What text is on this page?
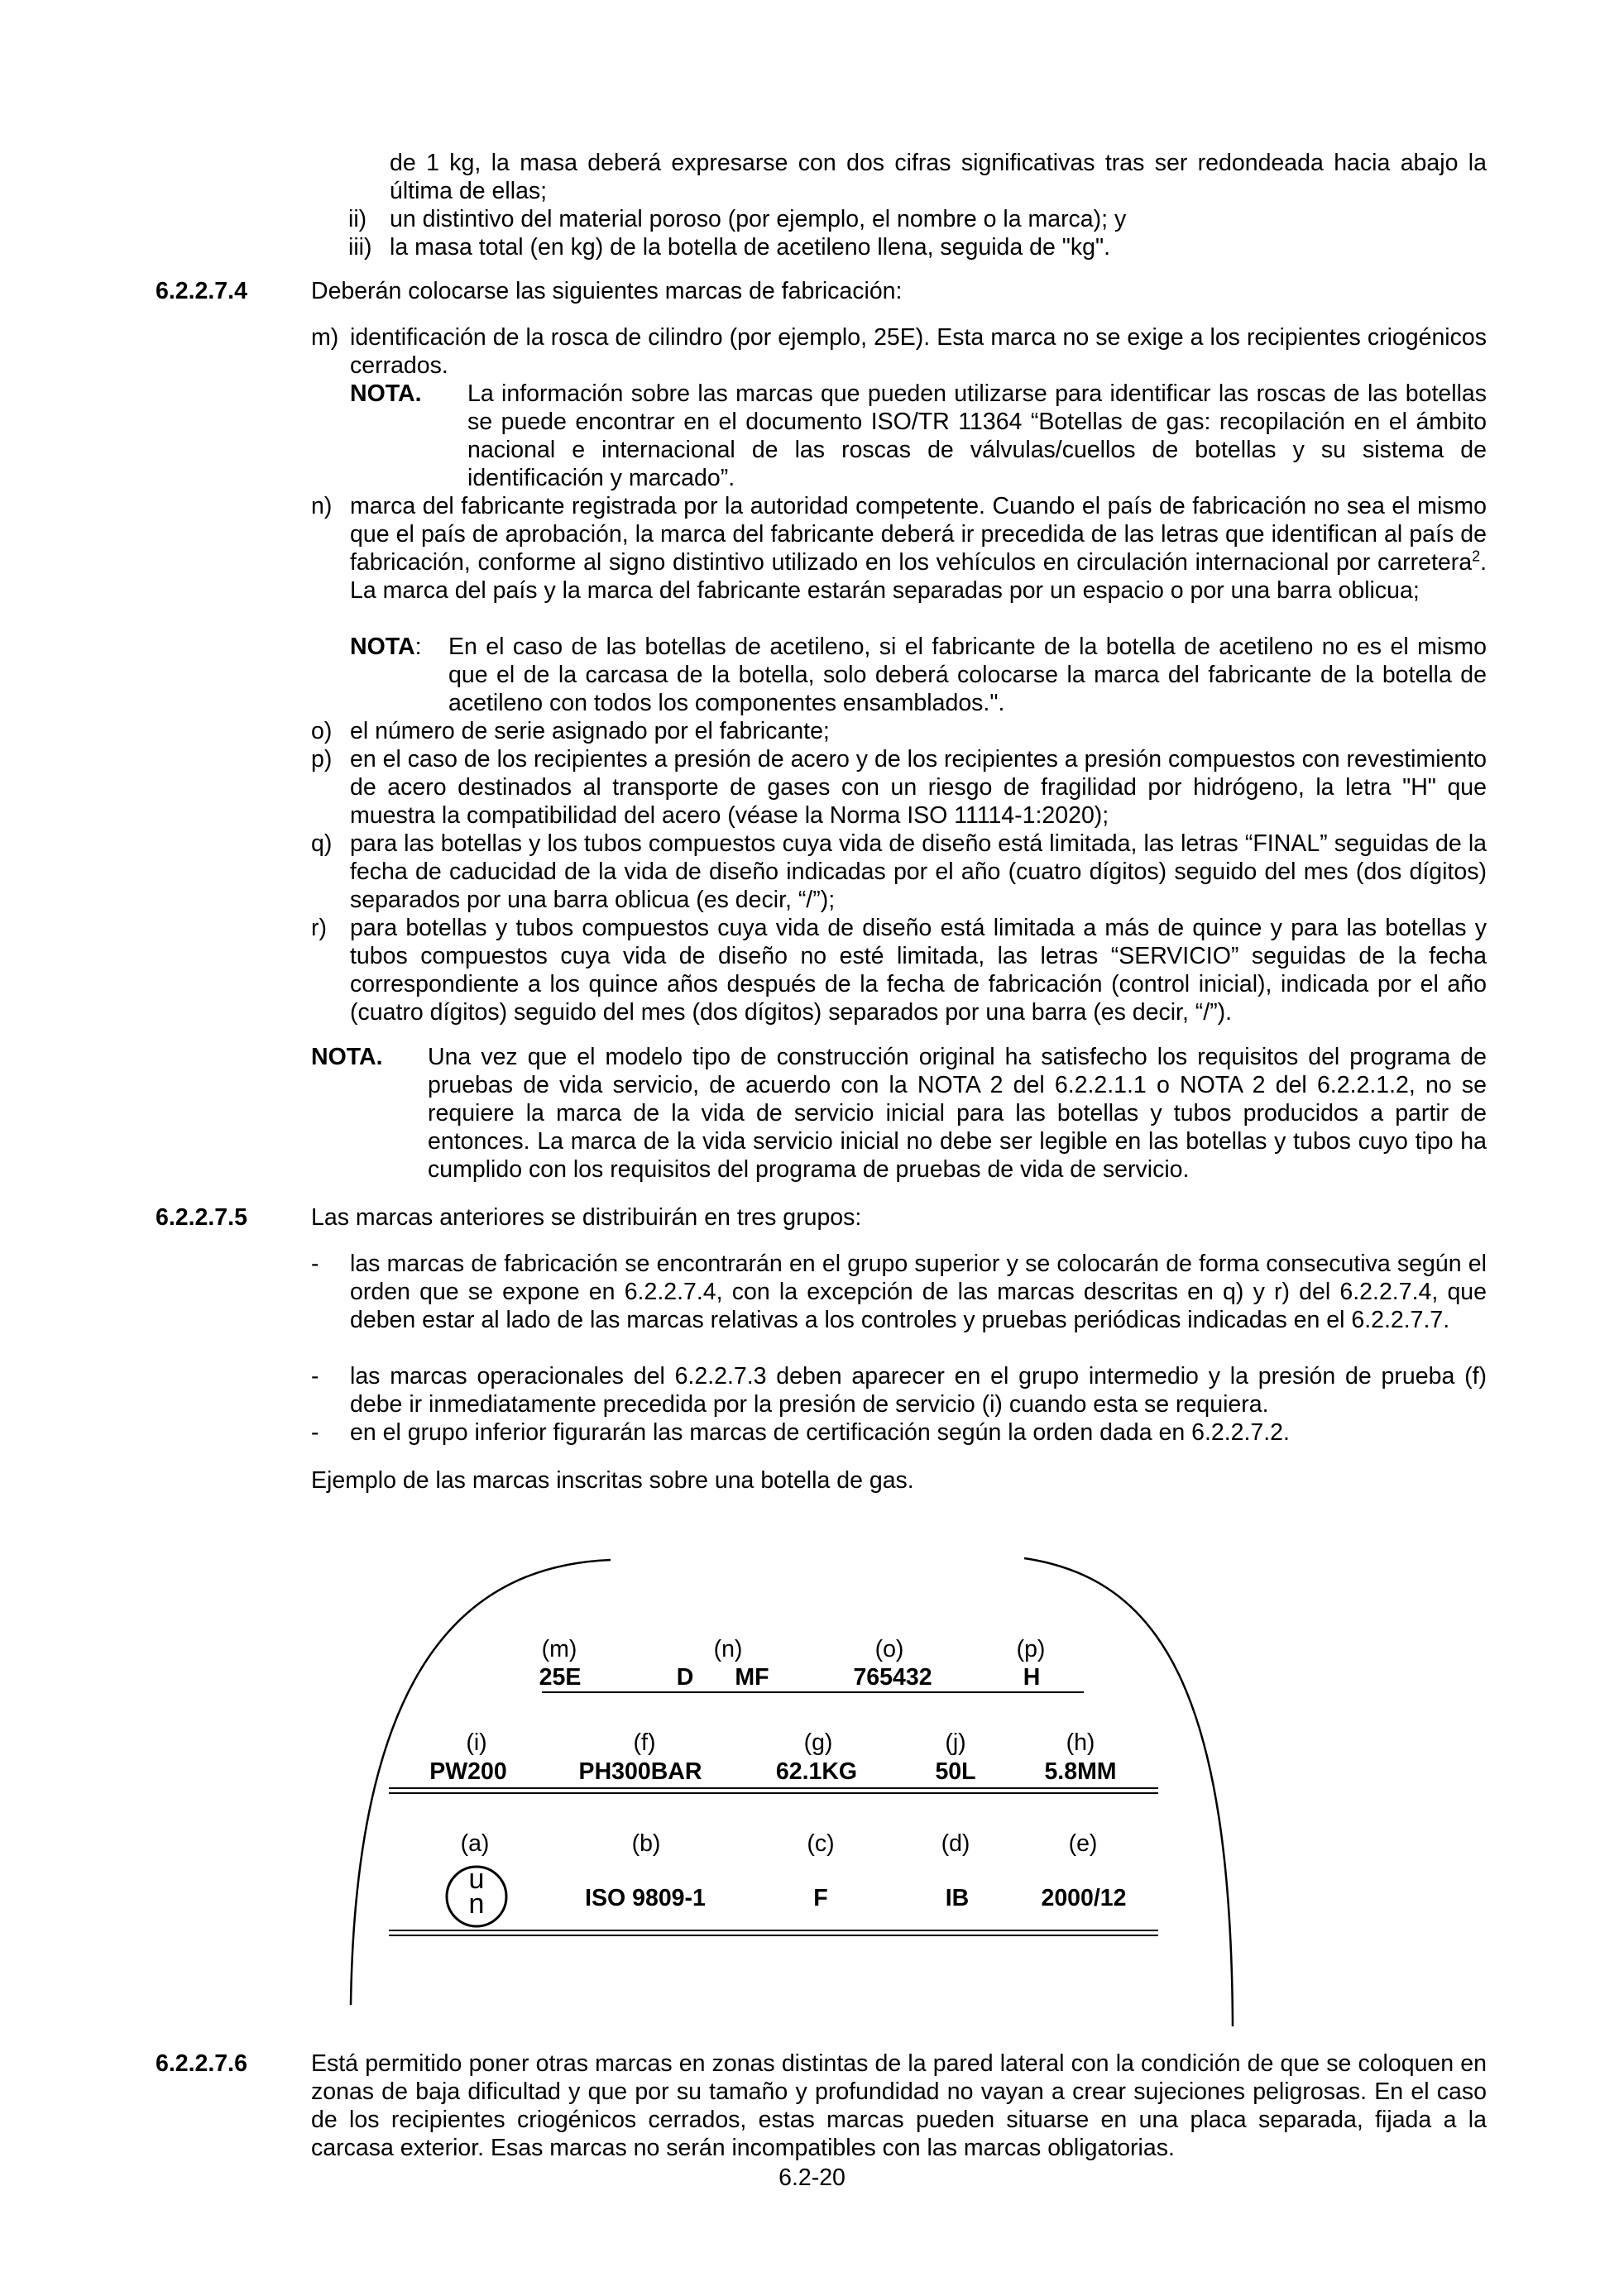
de 1 kg, la masa deberá expresarse con dos cifras significativas tras ser redondeada hacia abajo la última de ellas;
ii) un distintivo del material poroso (por ejemplo, el nombre o la marca); y
iii) la masa total (en kg) de la botella de acetileno llena, seguida de "kg".
6.2.2.7.4	Deberán colocarse las siguientes marcas de fabricación:
m) identificación de la rosca de cilindro (por ejemplo, 25E). Esta marca no se exige a los recipientes criogénicos cerrados.
NOTA. La información sobre las marcas que pueden utilizarse para identificar las roscas de las botellas se puede encontrar en el documento ISO/TR 11364 “Botellas de gas: recopilación en el ámbito nacional e internacional de las roscas de válvulas/cuellos de botellas y su sistema de identificación y marcado”.
n) marca del fabricante registrada por la autoridad competente. Cuando el país de fabricación no sea el mismo que el país de aprobación, la marca del fabricante deberá ir precedida de las letras que identifican al país de fabricación, conforme al signo distintivo utilizado en los vehículos en circulación internacional por carretera$^2$. La marca del país y la marca del fabricante estarán separadas por un espacio o por una barra oblicua;
NOTA: En el caso de las botellas de acetileno, si el fabricante de la botella de acetileno no es el mismo que el de la carcasa de la botella, solo deberá colocarse la marca del fabricante de la botella de acetileno con todos los componentes ensamblados.".
o) el número de serie asignado por el fabricante;
p) en el caso de los recipientes a presión de acero y de los recipientes a presión compuestos con revestimiento de acero destinados al transporte de gases con un riesgo de fragilidad por hidrógeno, la letra "H" que muestra la compatibilidad del acero (véase la Norma ISO 11114-1:2020);
q) para las botellas y los tubos compuestos cuya vida de diseño está limitada, las letras “FINAL” seguidas de la fecha de caducidad de la vida de diseño indicadas por el año (cuatro dígitos) seguido del mes (dos dígitos) separados por una barra oblicua (es decir, “/”);
r) para botellas y tubos compuestos cuya vida de diseño está limitada a más de quince y para las botellas y tubos compuestos cuya vida de diseño no esté limitada, las letras “SERVICIO” seguidas de la fecha correspondiente a los quince años después de la fecha de fabricación (control inicial), indicada por el año (cuatro dígitos) seguido del mes (dos dígitos) separados por una barra (es decir, “/”).
NOTA. Una vez que el modelo tipo de construcción original ha satisfecho los requisitos del programa de pruebas de vida servicio, de acuerdo con la NOTA 2 del 6.2.2.1.1 o NOTA 2 del 6.2.2.1.2, no se requiere la marca de la vida de servicio inicial para las botellas y tubos producidos a partir de entonces. La marca de la vida servicio inicial no debe ser legible en las botellas y tubos cuyo tipo ha cumplido con los requisitos del programa de pruebas de vida de servicio.
6.2.2.7.5	Las marcas anteriores se distribuirán en tres grupos:
- las marcas de fabricación se encontrarán en el grupo superior y se colocarán de forma consecutiva según el orden que se expone en 6.2.2.7.4, con la excepción de las marcas descritas en q) y r) del 6.2.2.7.4, que deben estar al lado de las marcas relativas a los controles y pruebas periódicas indicadas en el 6.2.2.7.7.
- las marcas operacionales del 6.2.2.7.3 deben aparecer en el grupo intermedio y la presión de prueba (f) debe ir inmediatamente precedida por la presión de servicio (i) cuando esta se requiera.
- en el grupo inferior figurarán las marcas de certificación según la orden dada en 6.2.2.7.2.
Ejemplo de las marcas inscritas sobre una botella de gas.
(m)	(n)	(o)	(p)
25E	D MF	765432	H
(i)	(f)	(g)	(j)	(h)
PW200	PH300BAR	62.1KG	50L	5.8MM
(a)	(b)	(c)	(d)	(e)
u
n	ISO 9809-1	F	IB	2000/12
6.2.2.7.6	Está permitido poner otras marcas en zonas distintas de la pared lateral con la condición de que se coloquen en zonas de baja dificultad y que por su tamaño y profundidad no vayan a crear sujeciones peligrosas. En el caso de los recipientes criogénicos cerrados, estas marcas pueden situarse en una placa separada, fijada a la carcasa exterior. Esas marcas no serán incompatibles con las marcas obligatorias.
6.2-20
